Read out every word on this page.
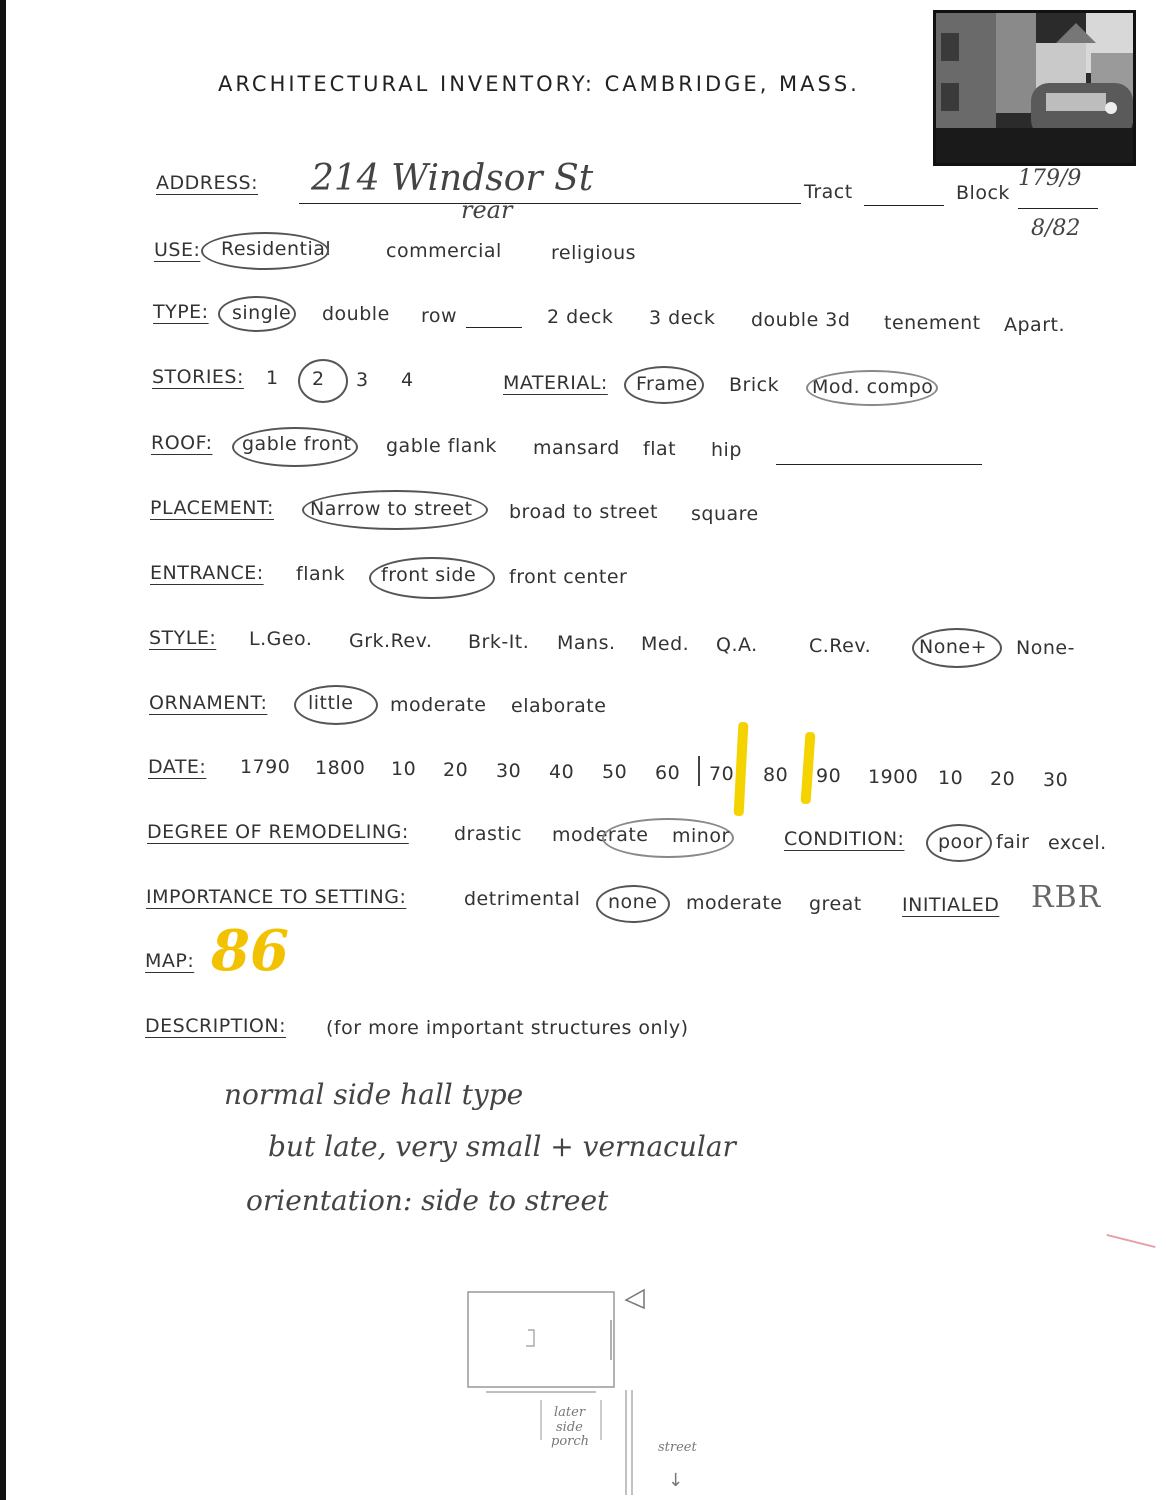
ARCHITECTURAL INVENTORY: CAMBRIDGE, MASS.
ADDRESS: 214 Windsor St
rear
Tract	Block
179/9
8/82
USE: Residential	commercial	religious
TYPE: single double row	2 deck 3 deck double 3d tenement Apart.
STORIES: 1 2 3 4	MATERIAL: Frame Brick Mod. compo
ROOF: gable front gable flank mansard flat hip
PLACEMENT: Narrow to street broad to street square
ENTRANCE: flank front side front center
STYLE: L.Geo. Grk.Rev. Brk-It. Mans. Med. Q.A.	C.Rev.	None+ None-
ORNAMENT: little moderate elaborate
DATE: 1790 1800 10 20 30 40 50 60 70 80 90 1900 10 20 30
DEGREE OF REMODELING: drastic moderate minor	CONDITION: poor fair excel.
IMPORTANCE TO SETTING:	detrimental none moderate great INITIALED RBR
MAP: 86
DESCRIPTION: (for more important structures only)
normal side hall type
but late, very small + vernacular
orientation: side to street
later
side
porch	street
↓
